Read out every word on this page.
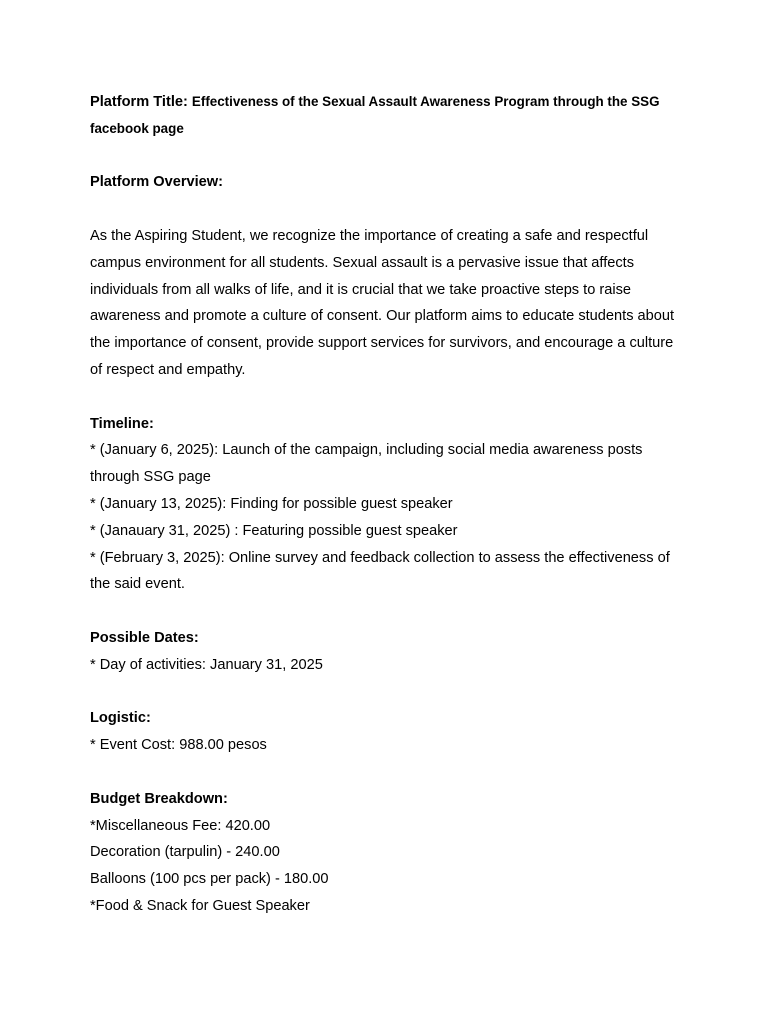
Platform Title: Effectiveness of the Sexual Assault Awareness Program through the SSG facebook page

Platform Overview:

As the Aspiring Student, we recognize the importance of creating a safe and respectful campus environment for all students. Sexual assault is a pervasive issue that affects individuals from all walks of life, and it is crucial that we take proactive steps to raise awareness and promote a culture of consent. Our platform aims to educate students about the importance of consent, provide support services for survivors, and encourage a culture of respect and empathy.

Timeline:

* (January 6, 2025): Launch of the campaign, including social media awareness posts through SSG page
* (January 13, 2025): Finding for possible guest speaker
* (Janauary 31, 2025) : Featuring possible guest speaker
* (February 3, 2025): Online survey and feedback collection to assess the effectiveness of the said event.

Possible Dates:

* Day of activities: January 31, 2025

Logistic:

* Event Cost: 988.00 pesos

Budget Breakdown:

*Miscellaneous Fee: 420.00
Decoration (tarpulin) - 240.00
Balloons (100 pcs per pack) - 180.00
*Food & Snack for Guest Speaker
